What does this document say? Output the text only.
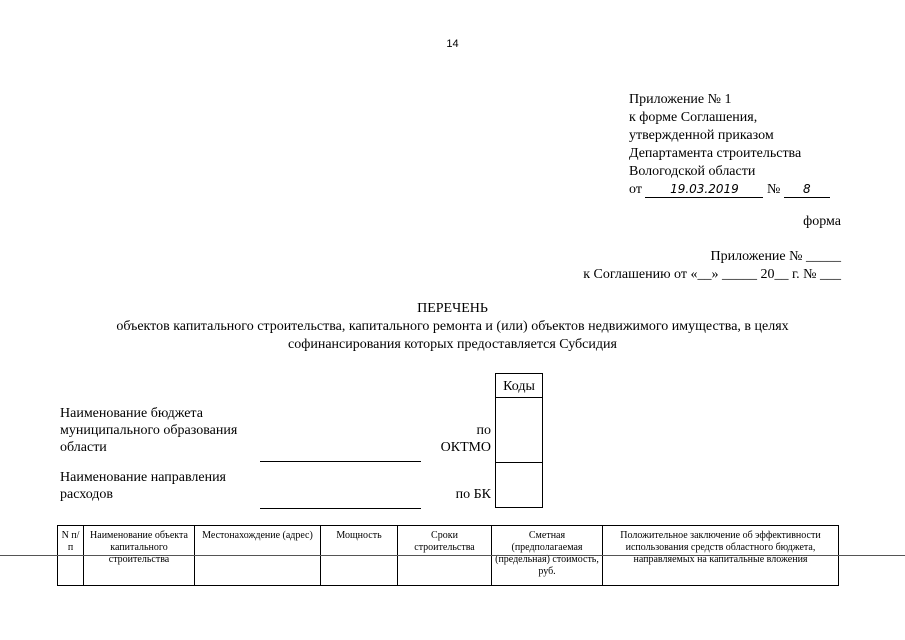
14
Приложение № 1
к форме Соглашения,
утвержденной приказом
Департамента строительства
Вологодской области
от 19.03.2019 № 8
форма
Приложение № _____
к Соглашению от «__» _____ 20__ г. № ___
ПЕРЕЧЕНЬ
объектов капитального строительства, капитального ремонта и (или) объектов недвижимого имущества, в целях
софинансирования которых предоставляется Субсидия
Коды
Наименование бюджета
муниципального образования
области
по
ОКТМО
Наименование направления
расходов	по БК
N п/п	Наименование объекта капитального строительства	Местонахождение (адрес)	Мощность	Сроки строительства	Сметная (предполагаемая (предельная) стоимость, руб.	Положительное заключение об эффективности использования средств областного бюджета, направляемых на капитальные вложения
